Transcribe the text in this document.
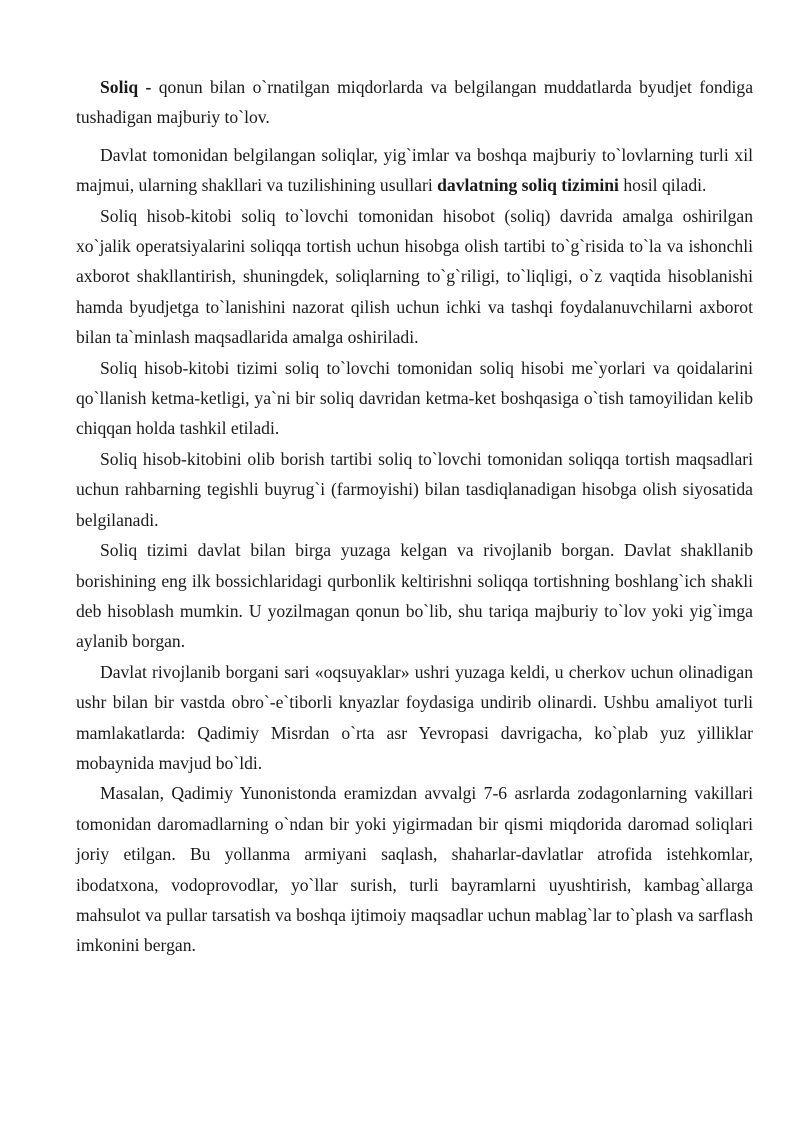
Soliq - qonun bilan o`rnatilgan miqdorlarda va belgilangan muddatlarda byudjet fondiga tushadigan majburiy to`lov.

Davlat tomonidan belgilangan soliqlar, yig`imlar va boshqa majburiy to`lovlarning turli xil majmui, ularning shakllari va tuzilishining usullari davlatning soliq tizimini hosil qiladi.

Soliq hisob-kitobi soliq to`lovchi tomonidan hisobot (soliq) davrida amalga oshirilgan xo`jalik operatsiyalarini soliqqa tortish uchun hisobga olish tartibi to`g`risida to`la va ishonchli axborot shakllantirish, shuningdek, soliqlarning to`g`riligi, to`liqligi, o`z vaqtida hisoblanishi hamda byudjetga to`lanishini nazorat qilish uchun ichki va tashqi foydalanuvchilarni axborot bilan ta`minlash maqsadlarida amalga oshiriladi.

Soliq hisob-kitobi tizimi soliq to`lovchi tomonidan soliq hisobi me`yorlari va qoidalarini qo`llanish ketma-ketligi, ya`ni bir soliq davridan ketma-ket boshqasiga o`tish tamoyilidan kelib chiqqan holda tashkil etiladi.

Soliq hisob-kitobini olib borish tartibi soliq to`lovchi tomonidan soliqqa tortish maqsadlari uchun rahbarning tegishli buyrug`i (farmoyishi) bilan tasdiqlanadigan hisobga olish siyosatida belgilanadi.

Soliq tizimi davlat bilan birga yuzaga kelgan va rivojlanib borgan. Davlat shakllanib borishining eng ilk bossichlaridagi qurbonlik keltirishni soliqqa tortishning boshlang`ich shakli deb hisoblash mumkin. U yozilmagan qonun bo`lib, shu tariqa majburiy to`lov yoki yig`imga aylanib borgan.

Davlat rivojlanib borgani sari «oqsuyaklar» ushri yuzaga keldi, u cherkov uchun olinadigan ushr bilan bir vastda obro`-e`tiborli knyazlar foydasiga undirib olinardi. Ushbu amaliyot turli mamlakatlarda: Qadimiy Misrdan o`rta asr Yevropasi davrigacha, ko`plab yuz yilliklar mobaynida mavjud bo`ldi.

Masalan, Qadimiy Yunonistonda eramizdan avvalgi 7-6 asrlarda zodagonlarning vakillari tomonidan daromadlarning o`ndan bir yoki yigirmadan bir qismi miqdorida daromad soliqlari joriy etilgan. Bu yollanma armiyani saqlash, shaharlar-davlatlar atrofida istehkomlar, ibodatxona, vodoprovodlar, yo`llar surish, turli bayramlarni uyushtirish, kambag`allarga mahsulot va pullar tarsatish va boshqa ijtimoiy maqsadlar uchun mablag`lar to`plash va sarflash imkonini bergan.
